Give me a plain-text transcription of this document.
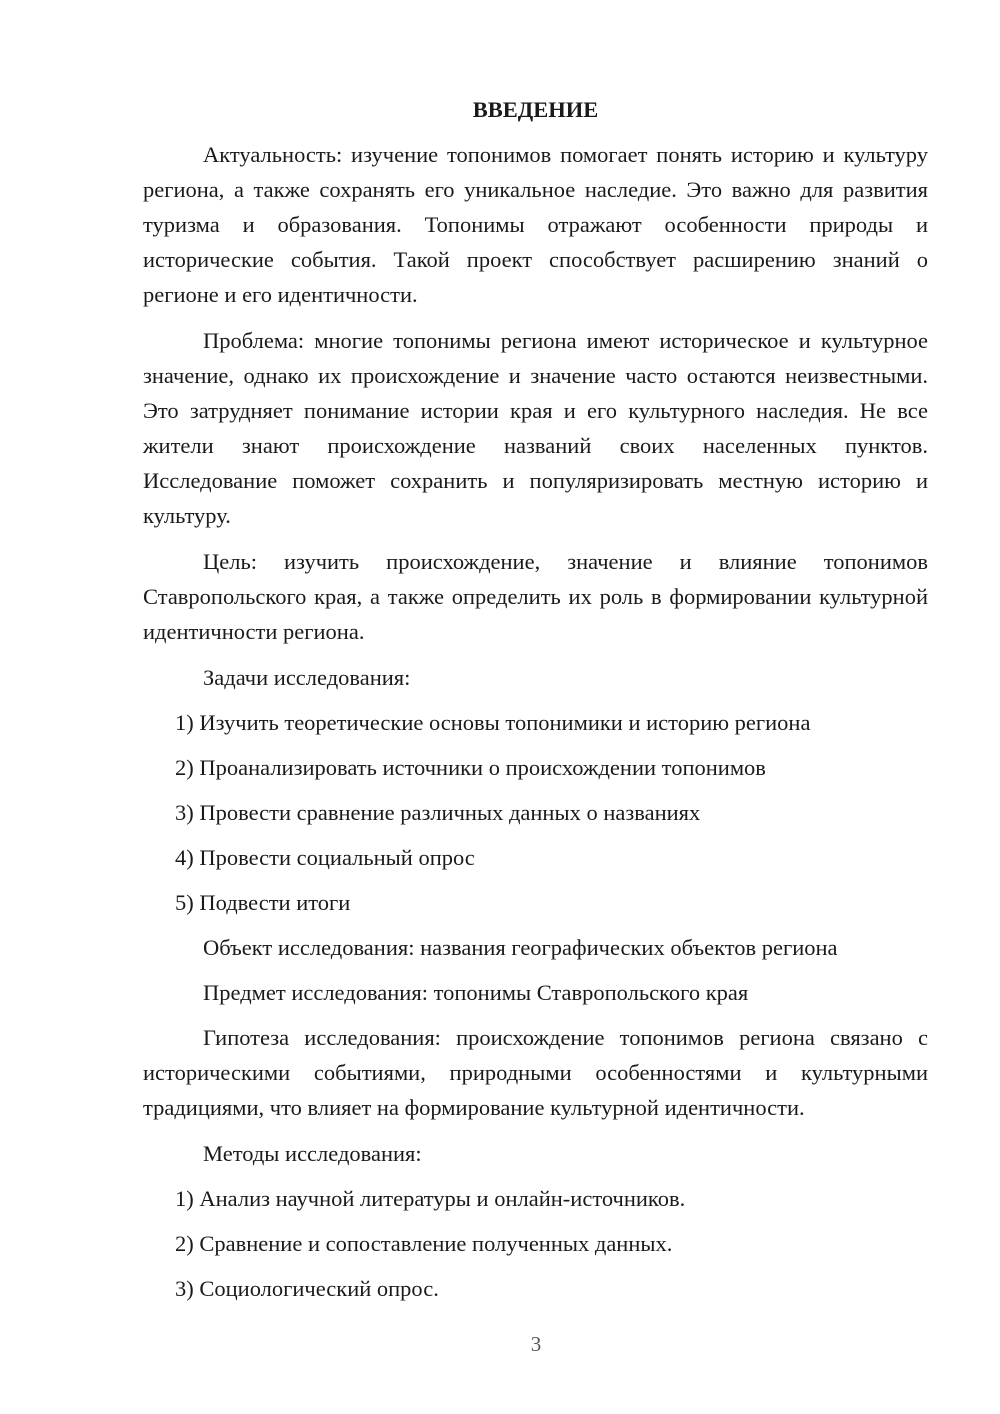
ВВЕДЕНИЕ

Актуальность: изучение топонимов помогает понять историю и культуру региона, а также сохранять его уникальное наследие. Это важно для развития туризма и образования. Топонимы отражают особенности природы и исторические события. Такой проект способствует расширению знаний о регионе и его идентичности.

Проблема: многие топонимы региона имеют историческое и культурное значение, однако их происхождение и значение часто остаются неизвестными. Это затрудняет понимание истории края и его культурного наследия. Не все жители знают происхождение названий своих населенных пунктов. Исследование поможет сохранить и популяризировать местную историю и культуру.

Цель: изучить происхождение, значение и влияние топонимов Ставропольского края, а также определить их роль в формировании культурной идентичности региона.

Задачи исследования:

1) Изучить теоретические основы топонимики и историю региона
2) Проанализировать источники о происхождении топонимов
3) Провести сравнение различных данных о названиях
4) Провести социальный опрос
5) Подвести итоги

Объект исследования: названия географических объектов региона

Предмет исследования: топонимы Ставропольского края

Гипотеза исследования: происхождение топонимов региона связано с историческими событиями, природными особенностями и культурными традициями, что влияет на формирование культурной идентичности.

Методы исследования:

1) Анализ научной литературы и онлайн-источников.
2) Сравнение и сопоставление полученных данных.
3) Социологический опрос.
3
